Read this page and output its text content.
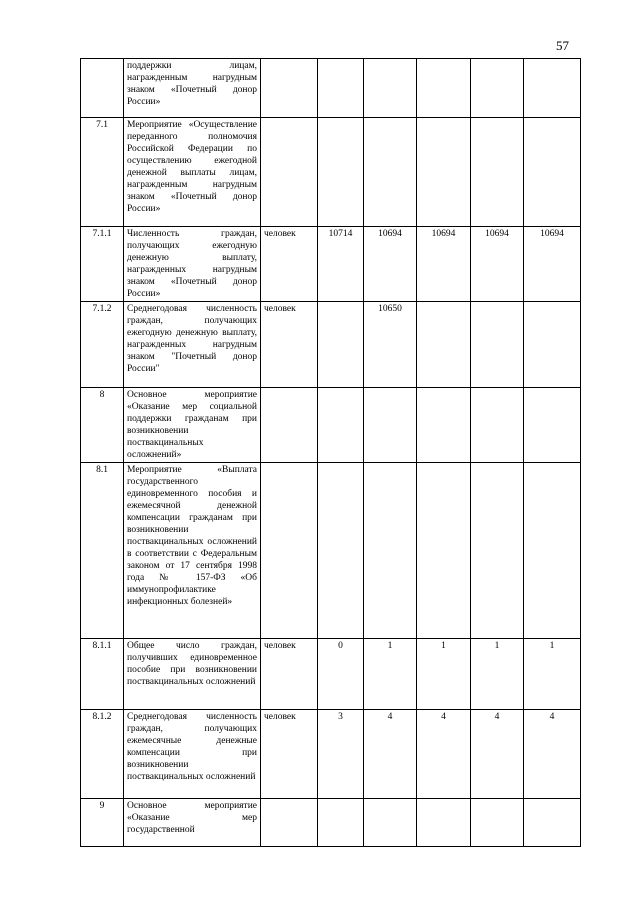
57
	поддержки лицам, награжденным нагрудным знаком «Почетный донор России»						
7.1	Мероприятие «Осуществление переданного полномочия Российской Федерации по осуществлению ежегодной денежной выплаты лицам, награжденным нагрудным знаком «Почетный донор России»						
7.1.1	Численность граждан, получающих ежегодную денежную выплату, награжденных нагрудным знаком «Почетный донор России»	человек	10714	10694	10694	10694	10694
7.1.2	Среднегодовая численность граждан, получающих ежегодную денежную выплату, награжденных нагрудным знаком "Почетный донор России"	человек		10650			
8	Основное мероприятие «Оказание мер социальной поддержки гражданам при возникновении поствакцинальных осложнений»						
8.1	Мероприятие «Выплата государственного единовременного пособия и ежемесячной денежной компенсации гражданам при возникновении поствакцинальных осложнений в соответствии с Федеральным законом от 17 сентября 1998 года № 157-ФЗ «Об иммунопрофилактике инфекционных болезней»						
8.1.1	Общее число граждан, получивших единовременное пособие при возникновении поствакцинальных осложнений	человек	0	1	1	1	1
8.1.2	Среднегодовая численность граждан, получающих ежемесячные денежные компенсации при возникновении поствакцинальных осложнений	человек	3	4	4	4	4
9	Основное мероприятие «Оказание мер государственной						
